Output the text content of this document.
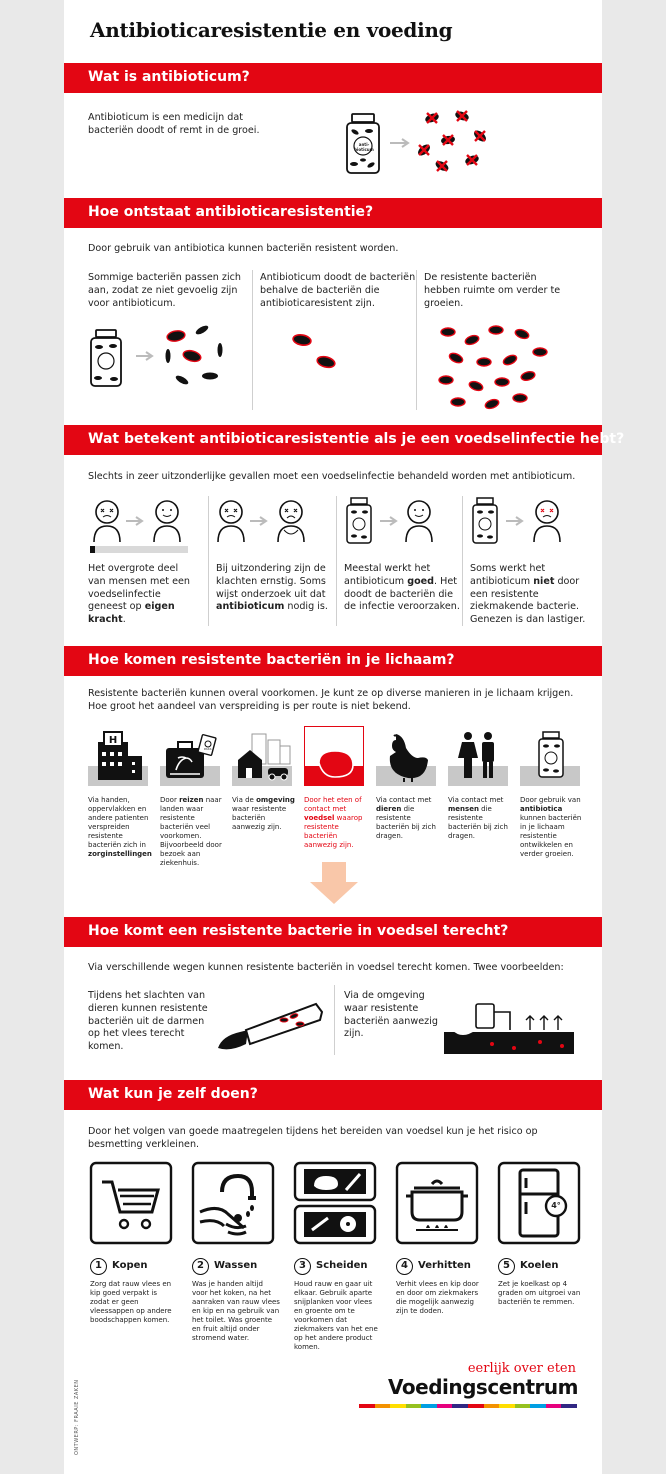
Antibioticaresistentie en voeding
Wat is antibioticum?
Antibioticum is een medicijn dat bacteriën doodt of remt in de groei.
anti-bioticum
Hoe ontstaat antibioticaresistentie?
Door gebruik van antibiotica kunnen bacteriën resistent worden.
Sommige bacteriën passen zich aan, zodat ze niet gevoelig zijn voor antibioticum.
Antibioticum doodt de bacteriën behalve de bacteriën die antibioticaresistent zijn.
De resistente bacteriën hebben ruimte om verder te groeien.
Wat betekent antibioticaresistentie als je een voedselinfectie hebt?
Slechts in zeer uitzonderlijke gevallen moet een voedselinfectie behandeld worden met antibioticum.
Het overgrote deel van mensen met een voedselinfectie geneest op eigen kracht.
Bij uitzondering zijn de klachten ernstig. Soms wijst onderzoek uit dat antibioticum nodig is.
Meestal werkt het antibioticum goed. Het doodt de bacteriën die de infectie veroorzaken.
Soms werkt het antibioticum niet door een resistente ziekmakende bacterie. Genezen is dan lastiger.
Hoe komen resistente bacteriën in je lichaam?
Resistente bacteriën kunnen overal voorkomen. Je kunt ze op diverse manieren in je lichaam krijgen.
Hoe groot het aandeel van verspreiding is per route is niet bekend.
H
PASS
Via handen, oppervlakken en andere patienten verspreiden resistente bacteriën zich in zorginstellingen
Door reizen naar landen waar resistente bacteriën veel voorkomen. Bijvoorbeeld door bezoek aan ziekenhuis.
Via de omgeving waar resistente bacteriën aanwezig zijn.
Door het eten of contact met voedsel waarop resistente bacteriën aanwezig zijn.
Via contact met dieren die resistente bacteriën bij zich dragen.
Via contact met mensen die resistente bacteriën bij zich dragen.
Door gebruik van antibiotica kunnen bacteriën in je lichaam resistentie ontwikkelen en verder groeien.
Hoe komt een resistente bacterie in voedsel terecht?
Via verschillende wegen kunnen resistente bacteriën in voedsel terecht komen. Twee voorbeelden:
Tijdens het slachten van dieren kunnen resistente bacteriën uit de darmen op het vlees terecht komen.
Via de omgeving waar resistente bacteriën aanwezig zijn.
Wat kun je zelf doen?
Door het volgen van goede maatregelen tijdens het bereiden van voedsel kun je het risico op besmetting verkleinen.
4°
1	Kopen
Zorg dat rauw vlees en kip goed verpakt is zodat er geen vleessappen op andere boodschappen komen.
2	Wassen
Was je handen altijd voor het koken, na het aanraken van rauw vlees en kip en na gebruik van het toilet. Was groente en fruit altijd onder stromend water.
3	Scheiden
Houd rauw en gaar uit elkaar. Gebruik aparte snijplanken voor vlees en groente om te voorkomen dat ziekmakers van het ene op het andere product komen.
4	Verhitten
Verhit vlees en kip door en door om ziekmakers die mogelijk aanwezig zijn te doden.
5	Koelen
Zet je koelkast op 4 graden om uitgroei van bacteriën te remmen.
ONTWERP: FRAAIE ZAKEN
eerlijk over eten
Voedingscentrum
